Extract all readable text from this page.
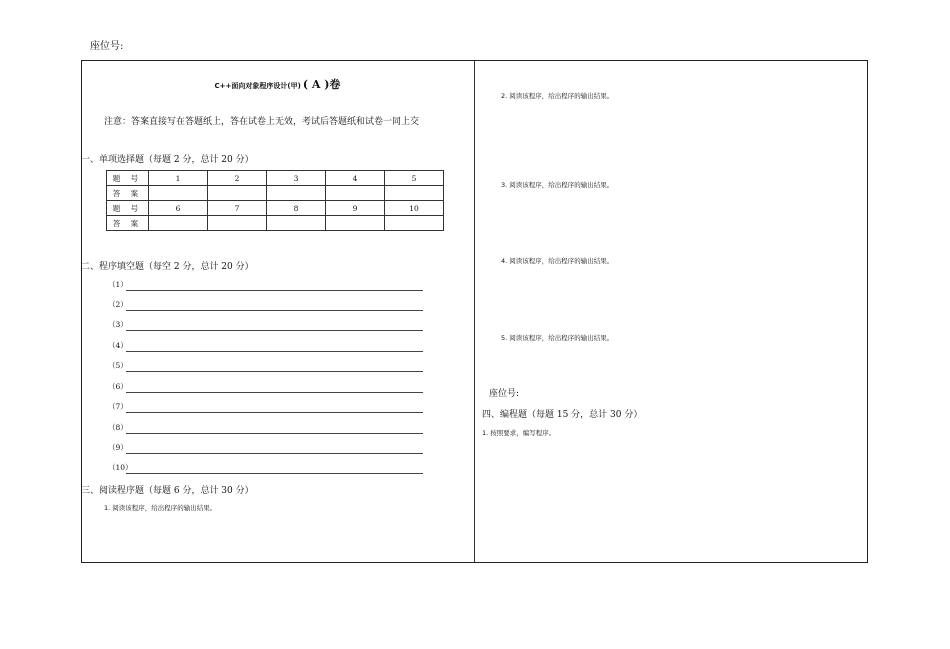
座位号:
C++面向对象程序设计(甲) ( A )卷
注意：答案直接写在答题纸上，答在试卷上无效，考试后答题纸和试卷一同上交
一、单项选择题（每题 2 分，总计 20 分）
题 号	1	2	3	4	5
答 案					
题 号	6	7	8	9	10
答 案					
二、程序填空题（每空 2 分，总计 20 分）
（1）
（2）
（3）
（4）
（5）
（6）
（7）
（8）
（9）
（10）
三、阅读程序题（每题 6 分，总计 30 分）
1. 阅读该程序，给出程序的输出结果。
2. 阅读该程序，给出程序的输出结果。
3. 阅读该程序，给出程序的输出结果。
4. 阅读该程序，给出程序的输出结果。
5. 阅读该程序，给出程序的输出结果。
座位号:
四、编程题（每题 15 分，总计 30 分）
1. 按照要求，编写程序。
